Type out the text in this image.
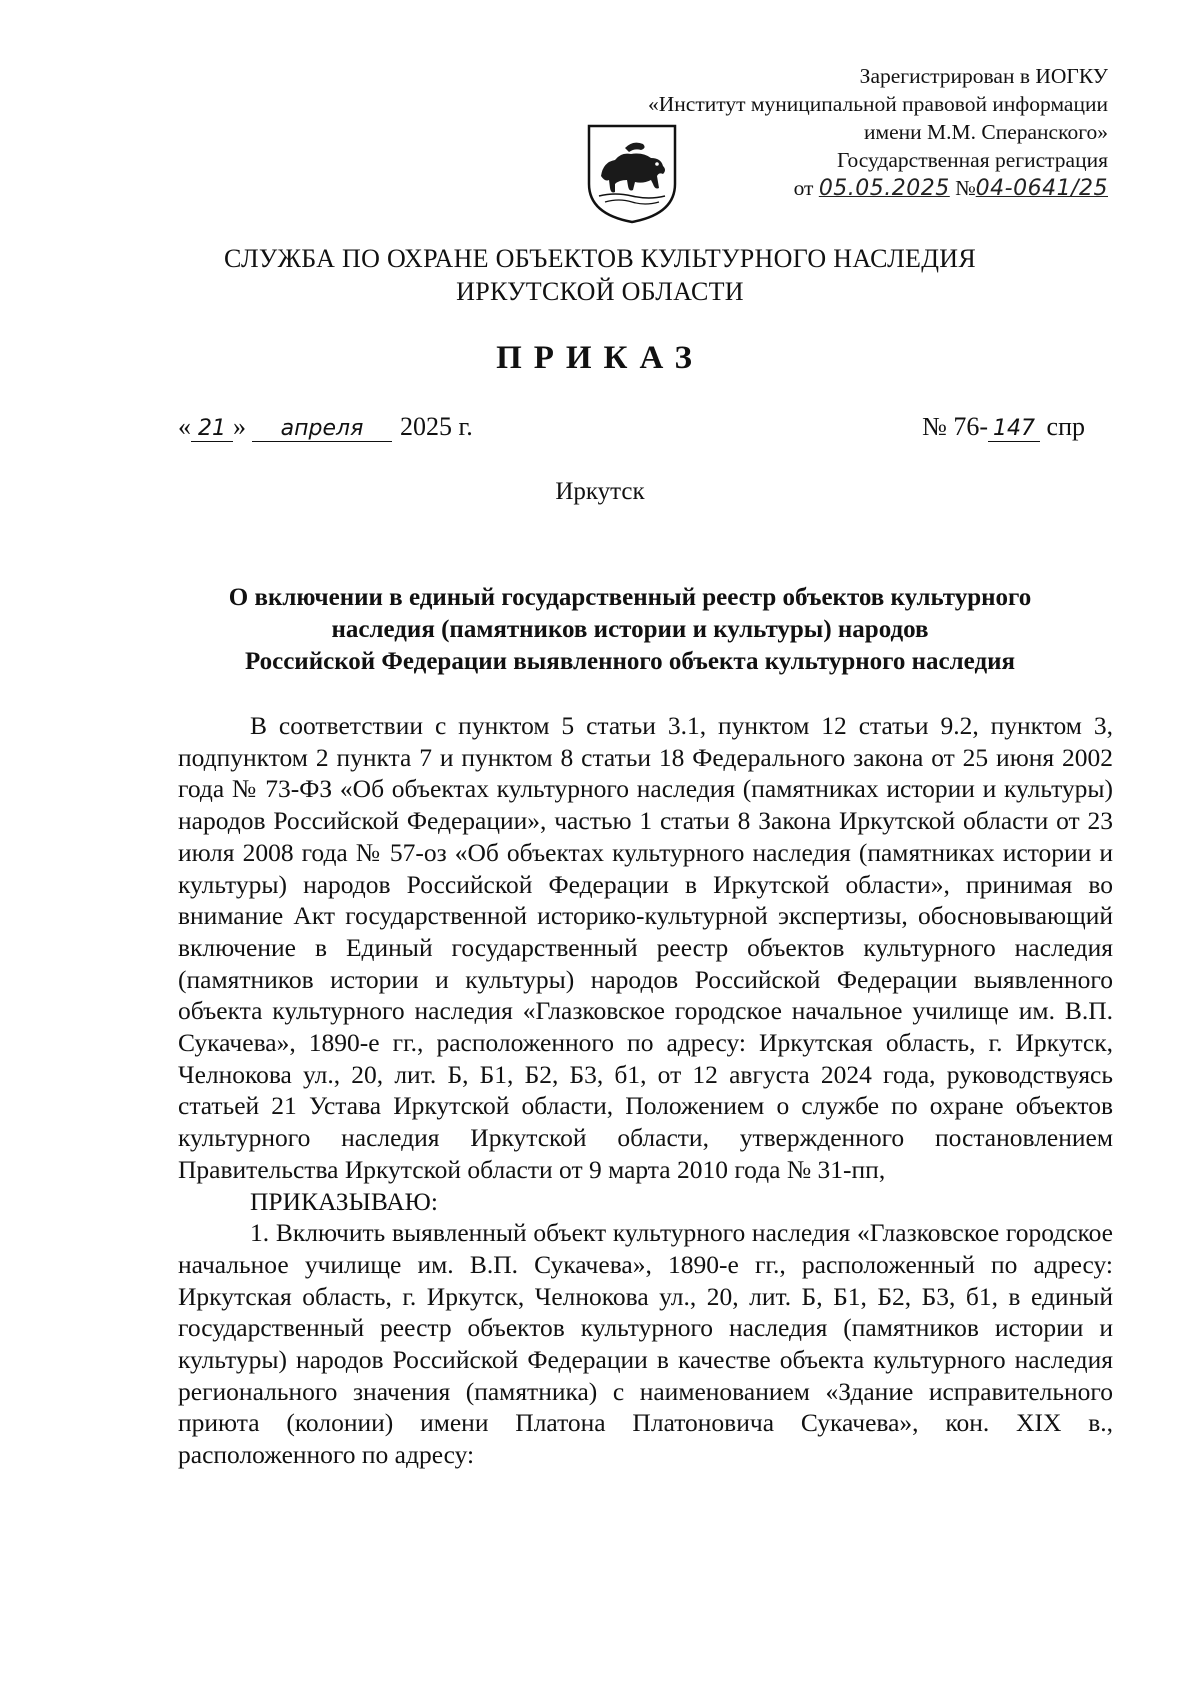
Зарегистрирован в ИОГКУ
«Институт муниципальной правовой информации
имени М.М. Сперанского»
Государственная регистрация
от 05.05.2025 №04-0641/25
СЛУЖБА ПО ОХРАНЕ ОБЪЕКТОВ КУЛЬТУРНОГО НАСЛЕДИЯ
ИРКУТСКОЙ ОБЛАСТИ
ПРИКАЗ
« 21 » апреля 2025 г.	№ 76- 147 спр
Иркутск
О включении в единый государственный реестр объектов культурного
наследия (памятников истории и культуры) народов
Российской Федерации выявленного объекта культурного наследия

В соответствии с пунктом 5 статьи 3.1, пунктом 12 статьи 9.2, пунктом 3, подпунктом 2 пункта 7 и пунктом 8 статьи 18 Федерального закона от 25 июня 2002 года № 73-ФЗ «Об объектах культурного наследия (памятниках истории и культуры) народов Российской Федерации», частью 1 статьи 8 Закона Иркутской области от 23 июля 2008 года № 57-оз «Об объектах культурного наследия (памятниках истории и культуры) народов Российской Федерации в Иркутской области», принимая во внимание Акт государственной историко-культурной экспертизы, обосновывающий включение в Единый государственный реестр объектов культурного наследия (памятников истории и культуры) народов Российской Федерации выявленного объекта культурного наследия «Глазковское городское начальное училище им. В.П. Сукачева», 1890-е гг., расположенного по адресу: Иркутская область, г. Иркутск, Челнокова ул., 20, лит. Б, Б1, Б2, Б3, б1, от 12 августа 2024 года, руководствуясь статьей 21 Устава Иркутской области, Положением о службе по охране объектов культурного наследия Иркутской области, утвержденного постановлением Правительства Иркутской области от 9 марта 2010 года № 31-пп,

ПРИКАЗЫВАЮ:

1. Включить выявленный объект культурного наследия «Глазковское городское начальное училище им. В.П. Сукачева», 1890-е гг., расположенный по адресу: Иркутская область, г. Иркутск, Челнокова ул., 20, лит. Б, Б1, Б2, Б3, б1, в единый государственный реестр объектов культурного наследия (памятников истории и культуры) народов Российской Федерации в качестве объекта культурного наследия регионального значения (памятника) с наименованием «Здание исправительного приюта (колонии) имени Платона Платоновича Сукачева», кон. XIX в., расположенного по адресу:
